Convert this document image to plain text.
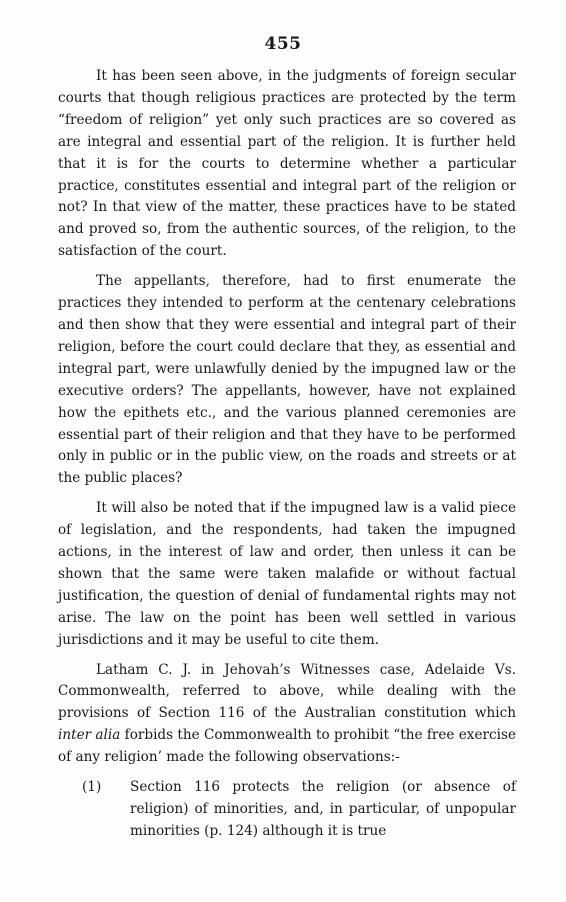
455

It has been seen above, in the judgments of foreign secular courts that though religious practices are protected by the term “freedom of religion” yet only such practices are so covered as are integral and essential part of the religion. It is further held that it is for the courts to determine whether a particular practice, constitutes essential and integral part of the religion or not? In that view of the matter, these practices have to be stated and proved so, from the authentic sources, of the religion, to the satisfaction of the court.

The appellants, therefore, had to first enumerate the practices they intended to perform at the centenary celebrations and then show that they were essential and integral part of their religion, before the court could declare that they, as essential and integral part, were unlawfully denied by the impugned law or the executive orders? The appellants, however, have not explained how the epithets etc., and the various planned ceremonies are essential part of their religion and that they have to be performed only in public or in the public view, on the roads and streets or at the public places?

It will also be noted that if the impugned law is a valid piece of legislation, and the respondents, had taken the impugned actions, in the interest of law and order, then unless it can be shown that the same were taken malafide or without factual justification, the question of denial of fundamental rights may not arise. The law on the point has been well settled in various jurisdictions and it may be useful to cite them.

Latham C. J. in Jehovah’s Witnesses case, Adelaide Vs. Commonwealth, referred to above, while dealing with the provisions of Section 116 of the Australian constitution which inter alia forbids the Commonwealth to prohibit “the free exercise of any religion’ made the following observations:-

(1) Section 116 protects the religion (or absence of religion) of minorities, and, in particular, of unpopular minorities (p. 124) although it is true
